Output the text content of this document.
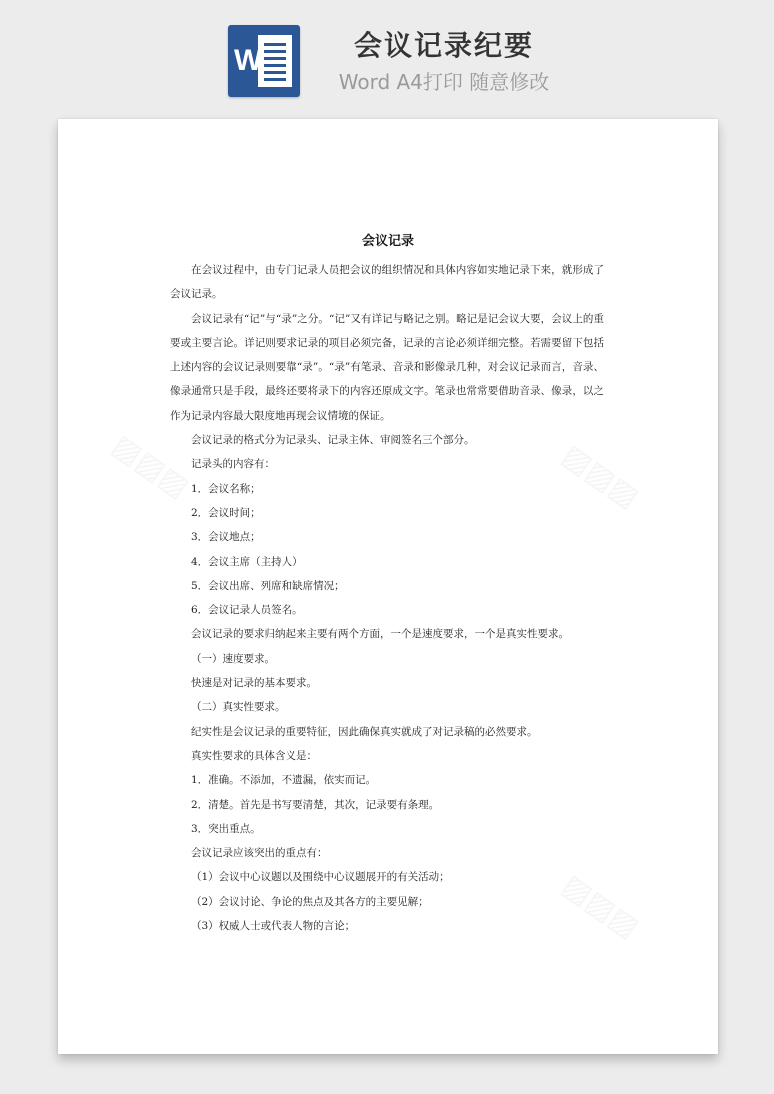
W	会议记录纪要
Word A4打印 随意修改
▨▨▨	▨▨▨
▨▨▨
会议记录

在会议过程中，由专门记录人员把会议的组织情况和具体内容如实地记录下来，就形成了会议记录。

会议记录有“记”与“录”之分。“记”又有详记与略记之别。略记是记会议大要，会议上的重要或主要言论。详记则要求记录的项目必须完备，记录的言论必须详细完整。若需要留下包括上述内容的会议记录则要靠“录”。“录”有笔录、音录和影像录几种，对会议记录而言，音录、像录通常只是手段，最终还要将录下的内容还原成文字。笔录也常常要借助音录、像录，以之作为记录内容最大限度地再现会议情境的保证。

会议记录的格式分为记录头、记录主体、审阅签名三个部分。

记录头的内容有：

1．会议名称；

2．会议时间；

3．会议地点；

4．会议主席（主持人）

5．会议出席、列席和缺席情况；

6．会议记录人员签名。

会议记录的要求归纳起来主要有两个方面，一个是速度要求，一个是真实性要求。

（一）速度要求。

快速是对记录的基本要求。

（二）真实性要求。

纪实性是会议记录的重要特征，因此确保真实就成了对记录稿的必然要求。

真实性要求的具体含义是：

1．准确。不添加，不遗漏，依实而记。

2．清楚。首先是书写要清楚，其次，记录要有条理。

3．突出重点。

会议记录应该突出的重点有：

（1）会议中心议题以及围绕中心议题展开的有关活动；

（2）会议讨论、争论的焦点及其各方的主要见解；

（3）权威人士或代表人物的言论；
